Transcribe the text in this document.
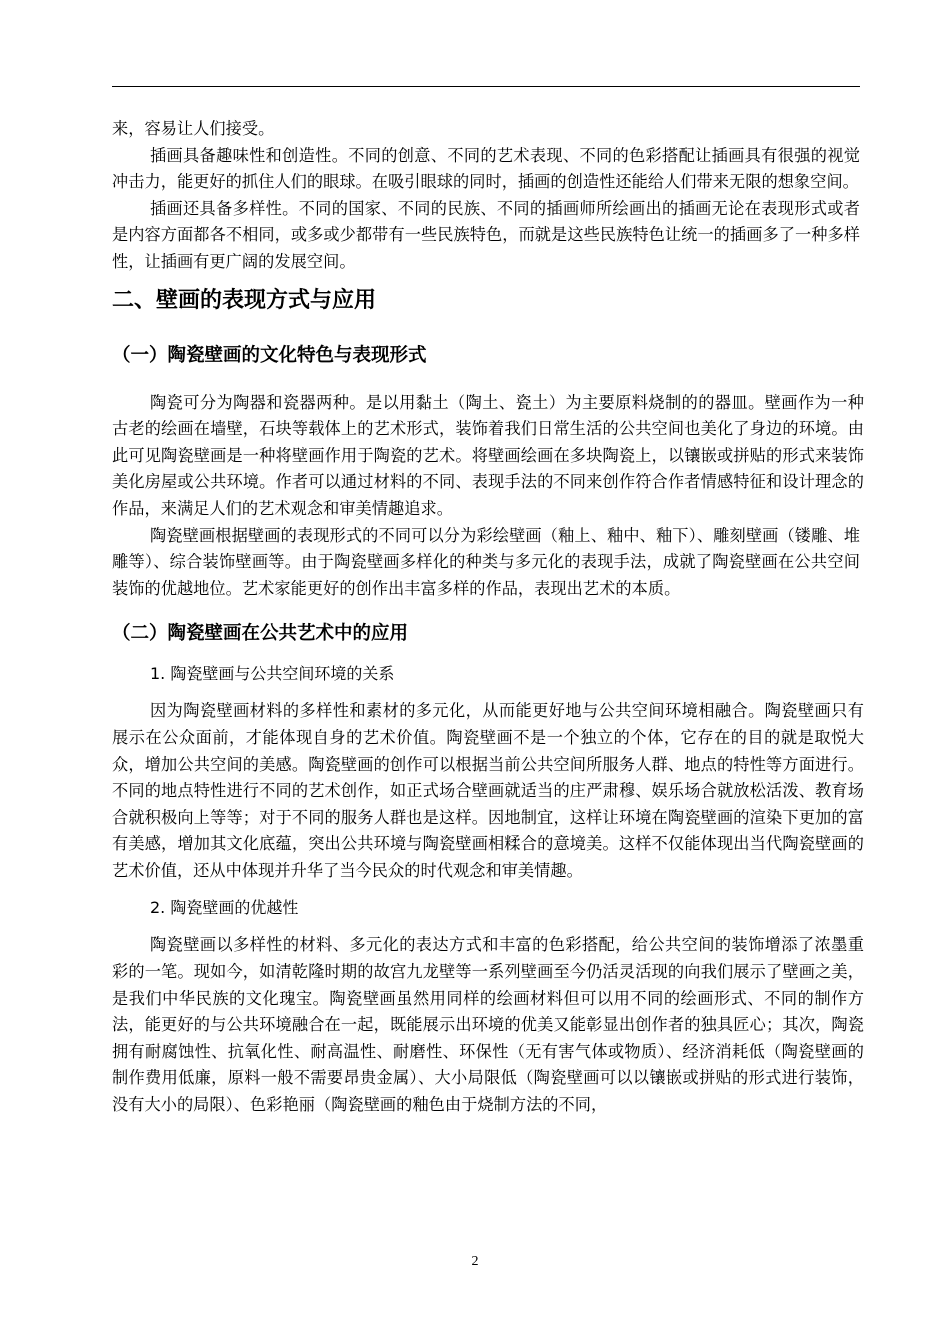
来，容易让人们接受。

插画具备趣味性和创造性。不同的创意、不同的艺术表现、不同的色彩搭配让插画具有很强的视觉冲击力，能更好的抓住人们的眼球。在吸引眼球的同时，插画的创造性还能给人们带来无限的想象空间。

插画还具备多样性。不同的国家、不同的民族、不同的插画师所绘画出的插画无论在表现形式或者是内容方面都各不相同，或多或少都带有一些民族特色，而就是这些民族特色让统一的插画多了一种多样性，让插画有更广阔的发展空间。

二、壁画的表现方式与应用
（一）陶瓷壁画的文化特色与表现形式

陶瓷可分为陶器和瓷器两种。是以用黏土（陶土、瓷土）为主要原料烧制的的器皿。壁画作为一种古老的绘画在墙壁，石块等载体上的艺术形式，装饰着我们日常生活的公共空间也美化了身边的环境。由此可见陶瓷壁画是一种将壁画作用于陶瓷的艺术。将壁画绘画在多块陶瓷上，以镶嵌或拼贴的形式来装饰美化房屋或公共环境。作者可以通过材料的不同、表现手法的不同来创作符合作者情感特征和设计理念的作品，来满足人们的艺术观念和审美情趣追求。

陶瓷壁画根据壁画的表现形式的不同可以分为彩绘壁画（釉上、釉中、釉下）、雕刻壁画（镂雕、堆雕等）、综合装饰壁画等。由于陶瓷壁画多样化的种类与多元化的表现手法，成就了陶瓷壁画在公共空间装饰的优越地位。艺术家能更好的创作出丰富多样的作品，表现出艺术的本质。

（二）陶瓷壁画在公共艺术中的应用
1. 陶瓷壁画与公共空间环境的关系

因为陶瓷壁画材料的多样性和素材的多元化，从而能更好地与公共空间环境相融合。陶瓷壁画只有展示在公众面前，才能体现自身的艺术价值。陶瓷壁画不是一个独立的个体，它存在的目的就是取悦大众，增加公共空间的美感。陶瓷壁画的创作可以根据当前公共空间所服务人群、地点的特性等方面进行。不同的地点特性进行不同的艺术创作，如正式场合壁画就适当的庄严肃穆、娱乐场合就放松活泼、教育场合就积极向上等等；对于不同的服务人群也是这样。因地制宜，这样让环境在陶瓷壁画的渲染下更加的富有美感，增加其文化底蕴，突出公共环境与陶瓷壁画相糅合的意境美。这样不仅能体现出当代陶瓷壁画的艺术价值，还从中体现并升华了当今民众的时代观念和审美情趣。

2. 陶瓷壁画的优越性

陶瓷壁画以多样性的材料、多元化的表达方式和丰富的色彩搭配，给公共空间的装饰增添了浓墨重彩的一笔。现如今，如清乾隆时期的故宫九龙壁等一系列壁画至今仍活灵活现的向我们展示了壁画之美，是我们中华民族的文化瑰宝。陶瓷壁画虽然用同样的绘画材料但可以用不同的绘画形式、不同的制作方法，能更好的与公共环境融合在一起，既能展示出环境的优美又能彰显出创作者的独具匠心；其次，陶瓷拥有耐腐蚀性、抗氧化性、耐高温性、耐磨性、环保性（无有害气体或物质）、经济消耗低（陶瓷壁画的制作费用低廉，原料一般不需要昂贵金属）、大小局限低（陶瓷壁画可以以镶嵌或拼贴的形式进行装饰，没有大小的局限）、色彩艳丽（陶瓷壁画的釉色由于烧制方法的不同，

2
